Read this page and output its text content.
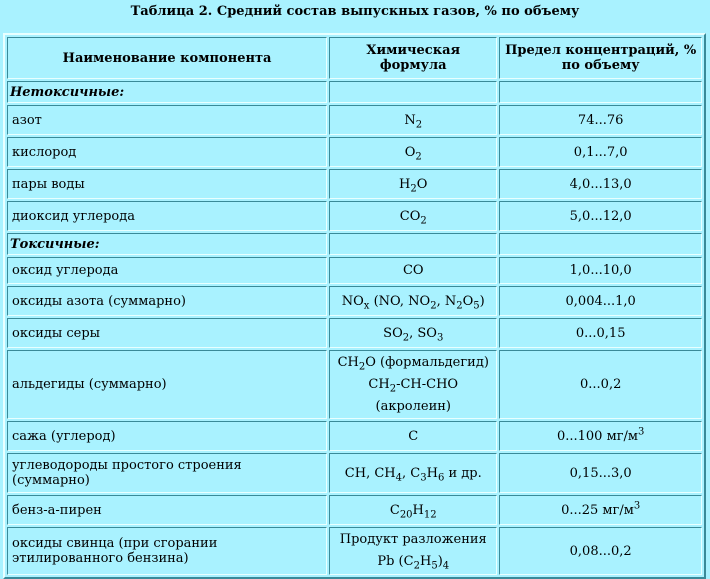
Таблица 2. Средний состав выпускных газов, % по объему
Наименование компонента	Химическая формула	Предел концентраций, % по объему
Нетоксичные:		
азот	$N_2$	74...76
кислород	$O_2$	0,1...7,0
пары воды	$H_2O$	4,0...13,0
диоксид углерода	$CO_2$	5,0...12,0
Токсичные:		
оксид углерода	CO	1,0...10,0
оксиды азота (суммарно)	$NO_x$ (NO, $NO_2$, $N_2O_5$)	0,004...1,0
оксиды серы	$SO_2$, $SO_3$	0...0,15
альдегиды (суммарно)	$CH_2O$ (формальдегид)
$CH_2-CH$-CHO
(акролеин)	0...0,2
сажа (углерод)	C	0...100 $мг/м^3$
углеводороды простого строения (суммарно)	CH, $CH_4$, $C_3H_6$ и др.	0,15...3,0
бенз-а-пирен	$C_{20}H_{12}$	0...25 $мг/м^3$
оксиды свинца (при сгорании этилированного бензина)	Продукт разложения Pb $(C_2H_5)_4$	0,08...0,2
